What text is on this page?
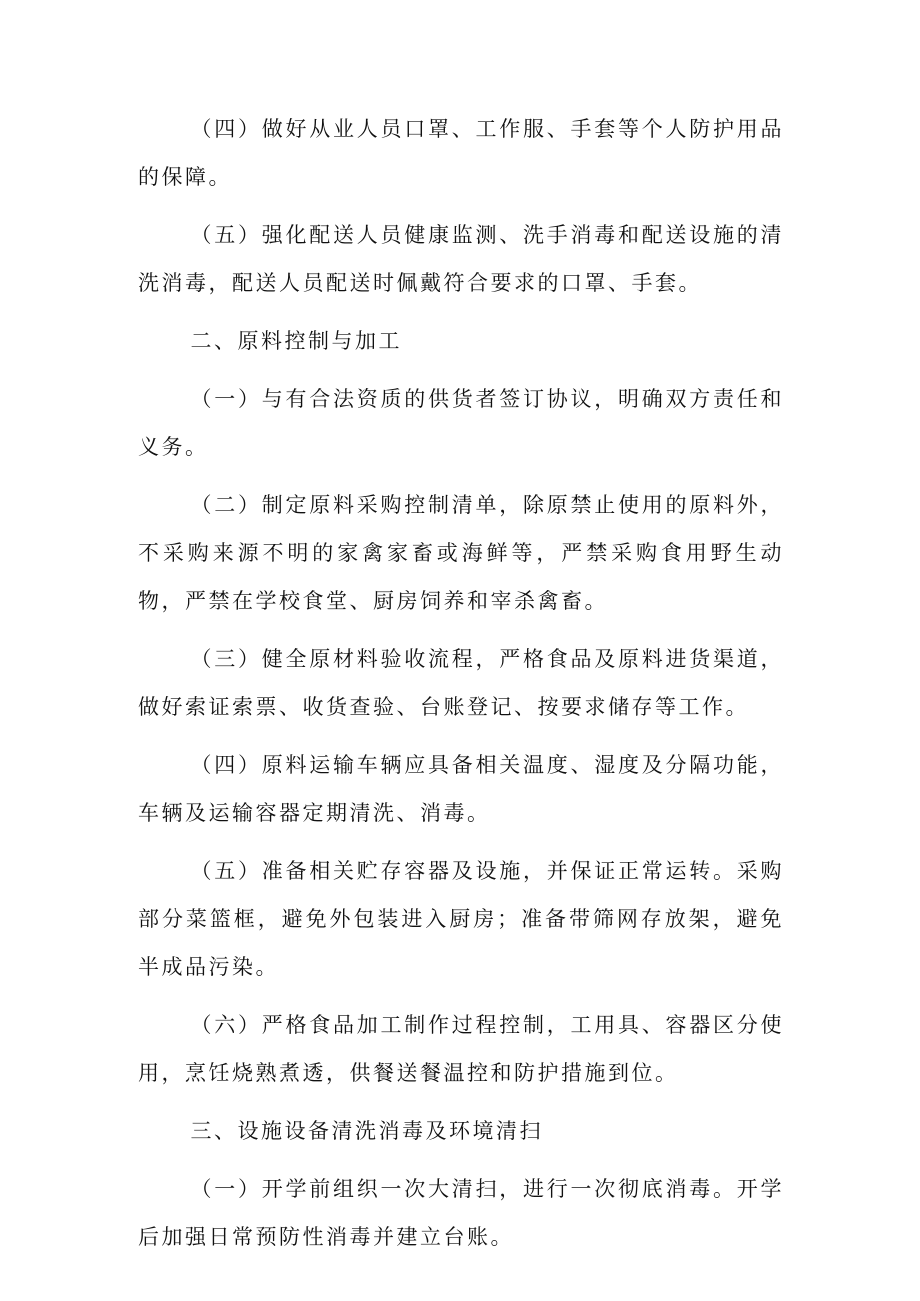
（四）做好从业人员口罩、工作服、手套等个人防护用品的保障。

（五）强化配送人员健康监测、洗手消毒和配送设施的清洗消毒，配送人员配送时佩戴符合要求的口罩、手套。

二、原料控制与加工

（一）与有合法资质的供货者签订协议，明确双方责任和义务。

（二）制定原料采购控制清单，除原禁止使用的原料外，不采购来源不明的家禽家畜或海鲜等，严禁采购食用野生动物，严禁在学校食堂、厨房饲养和宰杀禽畜。

（三）健全原材料验收流程，严格食品及原料进货渠道，做好索证索票、收货查验、台账登记、按要求储存等工作。

（四）原料运输车辆应具备相关温度、湿度及分隔功能，车辆及运输容器定期清洗、消毒。

（五）准备相关贮存容器及设施，并保证正常运转。采购部分菜篮框，避免外包装进入厨房；准备带筛网存放架，避免半成品污染。

（六）严格食品加工制作过程控制，工用具、容器区分使用，烹饪烧熟煮透，供餐送餐温控和防护措施到位。

三、设施设备清洗消毒及环境清扫

（一）开学前组织一次大清扫，进行一次彻底消毒。开学后加强日常预防性消毒并建立台账。
